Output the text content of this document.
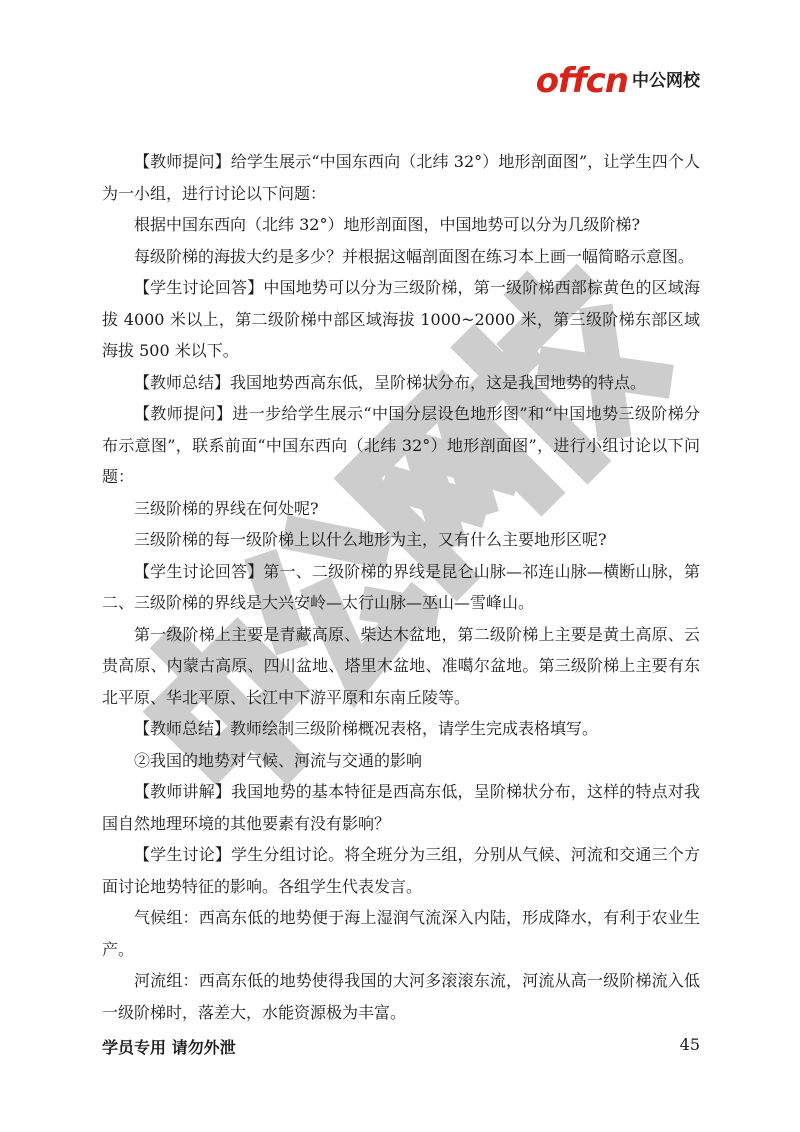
offcn 中公网校

【教师提问】给学生展示“中国东西向（北纬 32°）地形剖面图”，让学生四个人为一小组，进行讨论以下问题：

根据中国东西向（北纬 32°）地形剖面图，中国地势可以分为几级阶梯?

每级阶梯的海拔大约是多少？并根据这幅剖面图在练习本上画一幅简略示意图。

【学生讨论回答】中国地势可以分为三级阶梯，第一级阶梯西部棕黄色的区域海拔 4000 米以上，第二级阶梯中部区域海拔 1000~2000 米，第三级阶梯东部区域海拔 500 米以下。

【教师总结】我国地势西高东低，呈阶梯状分布，这是我国地势的特点。

【教师提问】进一步给学生展示“中国分层设色地形图”和“中国地势三级阶梯分布示意图”，联系前面“中国东西向（北纬 32°）地形剖面图”，进行小组讨论以下问题：

三级阶梯的界线在何处呢?

三级阶梯的每一级阶梯上以什么地形为主，又有什么主要地形区呢?

【学生讨论回答】第一、二级阶梯的界线是昆仑山脉—祁连山脉—横断山脉，第二、三级阶梯的界线是大兴安岭—太行山脉—巫山—雪峰山。

第一级阶梯上主要是青藏高原、柴达木盆地，第二级阶梯上主要是黄土高原、云贵高原、内蒙古高原、四川盆地、塔里木盆地、准噶尔盆地。第三级阶梯上主要有东北平原、华北平原、长江中下游平原和东南丘陵等。

【教师总结】教师绘制三级阶梯概况表格，请学生完成表格填写。

②我国的地势对气候、河流与交通的影响

【教师讲解】我国地势的基本特征是西高东低，呈阶梯状分布，这样的特点对我国自然地理环境的其他要素有没有影响？

【学生讨论】学生分组讨论。将全班分为三组，分别从气候、河流和交通三个方面讨论地势特征的影响。各组学生代表发言。

气候组：西高东低的地势便于海上湿润气流深入内陆，形成降水，有利于农业生产。

河流组：西高东低的地势使得我国的大河多滚滚东流，河流从高一级阶梯流入低一级阶梯时，落差大，水能资源极为丰富。

学员专用 请勿外泄	45
